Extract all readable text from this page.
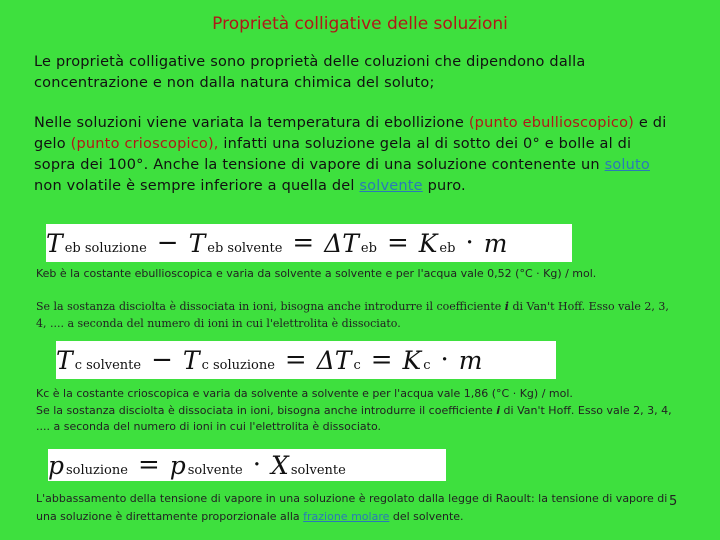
Proprietà colligative delle soluzioni
Le proprietà colligative sono proprietà delle coluzioni che dipendono dalla concentrazione e non dalla natura chimica del soluto;
Nelle soluzioni viene variata la temperatura di ebollizione (punto ebullioscopico) e di gelo (punto crioscopico), infatti una soluzione gela al di sotto dei 0° e bolle al di sopra dei 100°. Anche la tensione di vapore di una soluzione contenente un soluto non volatile è sempre inferiore a quella del solvente puro.
T eb soluzione − T eb solvente = ΔT eb = K eb · m
Keb è la costante ebullioscopica e varia da solvente a solvente e per l'acqua vale 0,52 (°C · Kg) / mol.
Se la sostanza disciolta è dissociata in ioni, bisogna anche introdurre il coefficiente i di Van't Hoff. Esso vale 2, 3, 4, .... a seconda del numero di ioni in cui l'elettrolita è dissociato.
T c solvente − T c soluzione = ΔT c = K c · m
Kc è la costante crioscopica e varia da solvente a solvente e per l'acqua vale 1,86 (°C · Kg) / mol.
Se la sostanza disciolta è dissociata in ioni, bisogna anche introdurre il coefficiente i di Van't Hoff. Esso vale 2, 3, 4, .... a seconda del numero di ioni in cui l'elettrolita è dissociato.
p soluzione = p solvente · X solvente
L'abbassamento della tensione di vapore in una soluzione è regolato dalla legge di Raoult: la tensione di vapore di una soluzione è direttamente proporzionale alla frazione molare del solvente.
5
